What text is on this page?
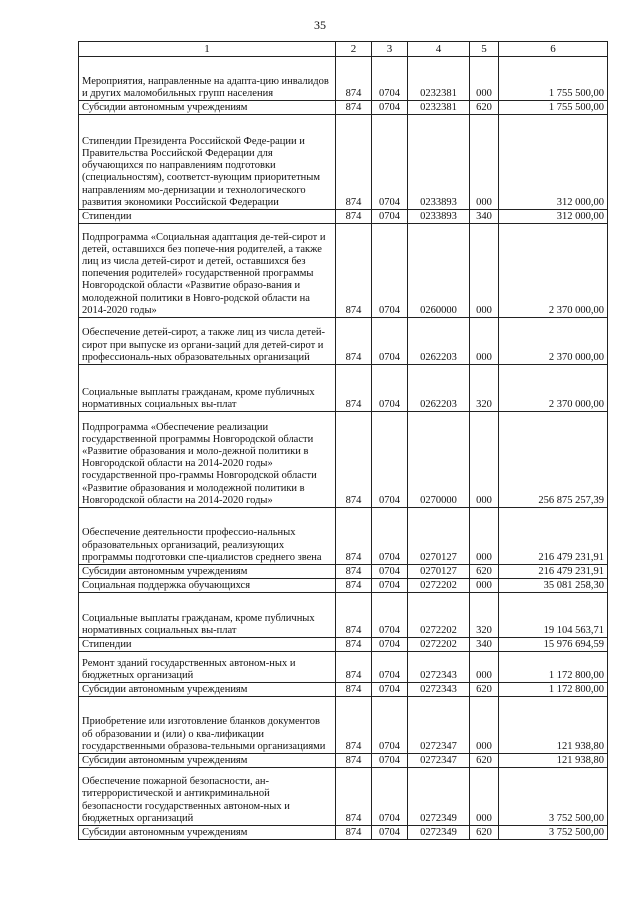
35
1	2	3	4	5	6
Мероприятия, направленные на адапта-цию инвалидов и других маломобильных групп населения	874	0704	0232381	000	1 755 500,00
Субсидии автономным учреждениям	874	0704	0232381	620	1 755 500,00
Стипендии Президента Российской Феде-рации и Правительства Российской Федерации для обучающихся по направлениям подготовки (специальностям), соответст-вующим приоритетным направлениям мо-дернизации и технологического развития экономики Российской Федерации	874	0704	0233893	000	312 000,00
Стипендии	874	0704	0233893	340	312 000,00
Подпрограмма «Социальная адаптация де-тей-сирот и детей, оставшихся без попече-ния родителей, а также лиц из числа детей-сирот и детей, оставшихся без попечения родителей» государственной программы Новгородской области «Развитие образо-вания и молодежной политики в Новго-родской области на 2014-2020 годы»	874	0704	0260000	000	2 370 000,00
Обеспечение детей-сирот, а также лиц из числа детей-сирот при выпуске из органи-заций для детей-сирот и профессиональ-ных образовательных организаций	874	0704	0262203	000	2 370 000,00
Социальные выплаты гражданам, кроме публичных нормативных социальных вы-плат	874	0704	0262203	320	2 370 000,00
Подпрограмма «Обеспечение реализации государственной программы Новгородской области «Развитие образования и моло-дежной политики в Новгородской области на 2014-2020 годы» государственной про-граммы Новгородской области «Развитие образования и молодежной политики в Новгородской области на 2014-2020 годы»	874	0704	0270000	000	256 875 257,39
Обеспечение деятельности профессио-нальных образовательных организаций, реализующих программы подготовки спе-циалистов среднего звена	874	0704	0270127	000	216 479 231,91
Субсидии автономным учреждениям	874	0704	0270127	620	216 479 231,91
Социальная поддержка обучающихся	874	0704	0272202	000	35 081 258,30
Социальные выплаты гражданам, кроме публичных нормативных социальных вы-плат	874	0704	0272202	320	19 104 563,71
Стипендии	874	0704	0272202	340	15 976 694,59
Ремонт зданий государственных автоном-ных и бюджетных организаций	874	0704	0272343	000	1 172 800,00
Субсидии автономным учреждениям	874	0704	0272343	620	1 172 800,00
Приобретение или изготовление бланков документов об образовании и (или) о ква-лификации государственными образова-тельными организациями	874	0704	0272347	000	121 938,80
Субсидии автономным учреждениям	874	0704	0272347	620	121 938,80
Обеспечение пожарной безопасности, ан-титеррористической и антикриминальной безопасности государственных автоном-ных и бюджетных организаций	874	0704	0272349	000	3 752 500,00
Субсидии автономным учреждениям	874	0704	0272349	620	3 752 500,00
